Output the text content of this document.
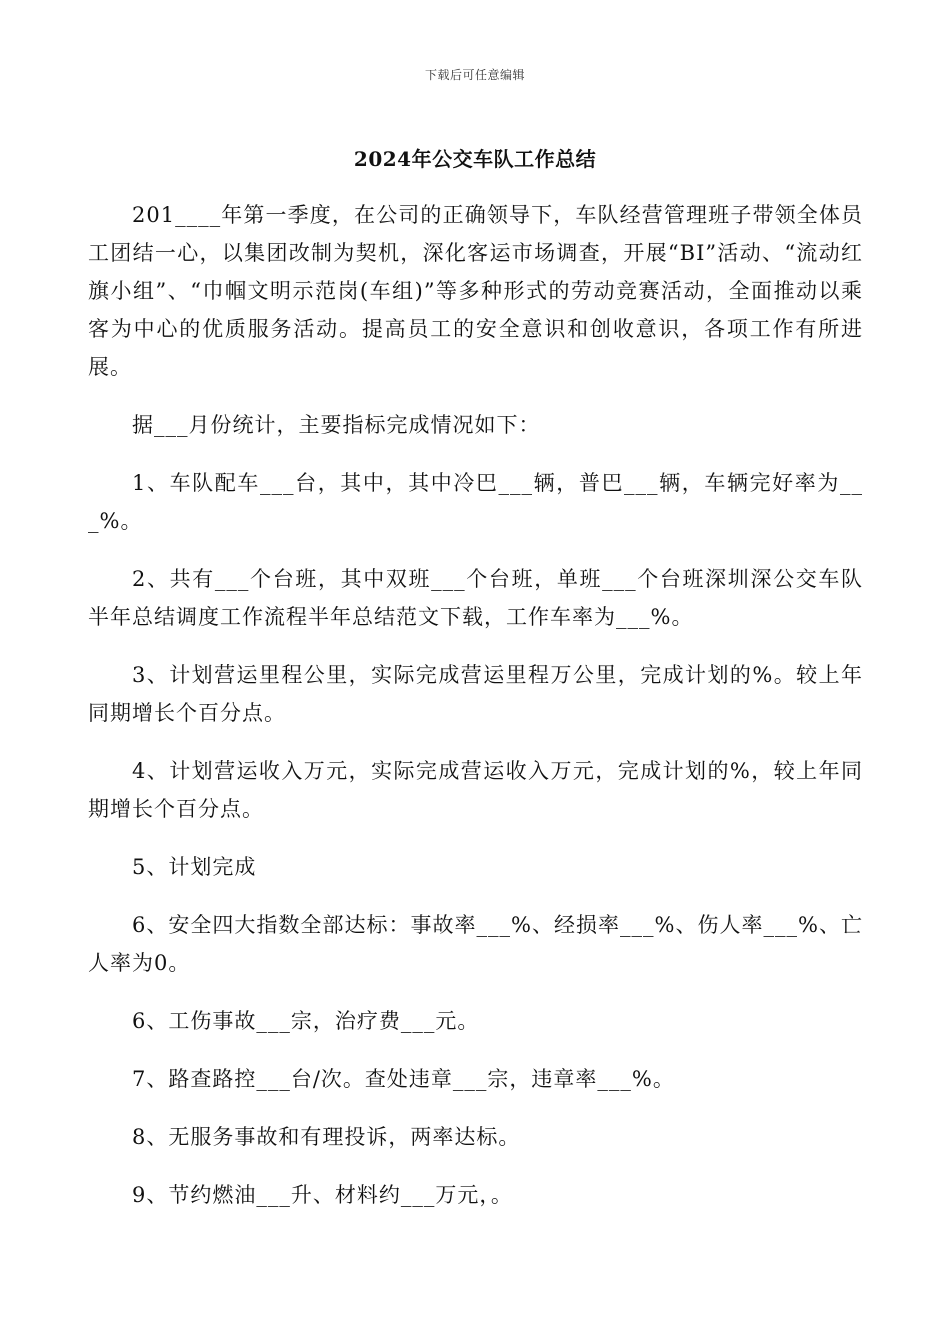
下载后可任意编辑
2024年公交车队工作总结

201____年第一季度，在公司的正确领导下，车队经营管理班子带领全体员工团结一心，以集团改制为契机，深化客运市场调查，开展“BI”活动、“流动红旗小组”、“巾帼文明示范岗(车组)”等多种形式的劳动竞赛活动，全面推动以乘客为中心的优质服务活动。提高员工的安全意识和创收意识，各项工作有所进展。

据___月份统计，主要指标完成情况如下：

1、车队配车___台，其中，其中冷巴___辆，普巴___辆，车辆完好率为___%。

2、共有___个台班，其中双班___个台班，单班___个台班深圳深公交车队半年总结调度工作流程半年总结范文下载，工作车率为___%。

3、计划营运里程公里，实际完成营运里程万公里，完成计划的%。较上年同期增长个百分点。

4、计划营运收入万元，实际完成营运收入万元，完成计划的%，较上年同期增长个百分点。

5、计划完成

6、安全四大指数全部达标：事故率___%、经损率___%、伤人率___%、亡人率为0。

6、工伤事故___宗，治疗费___元。

7、路查路控___台/次。查处违章___宗，违章率___%。

8、无服务事故和有理投诉，两率达标。

9、节约燃油___升、材料约___万元，。
